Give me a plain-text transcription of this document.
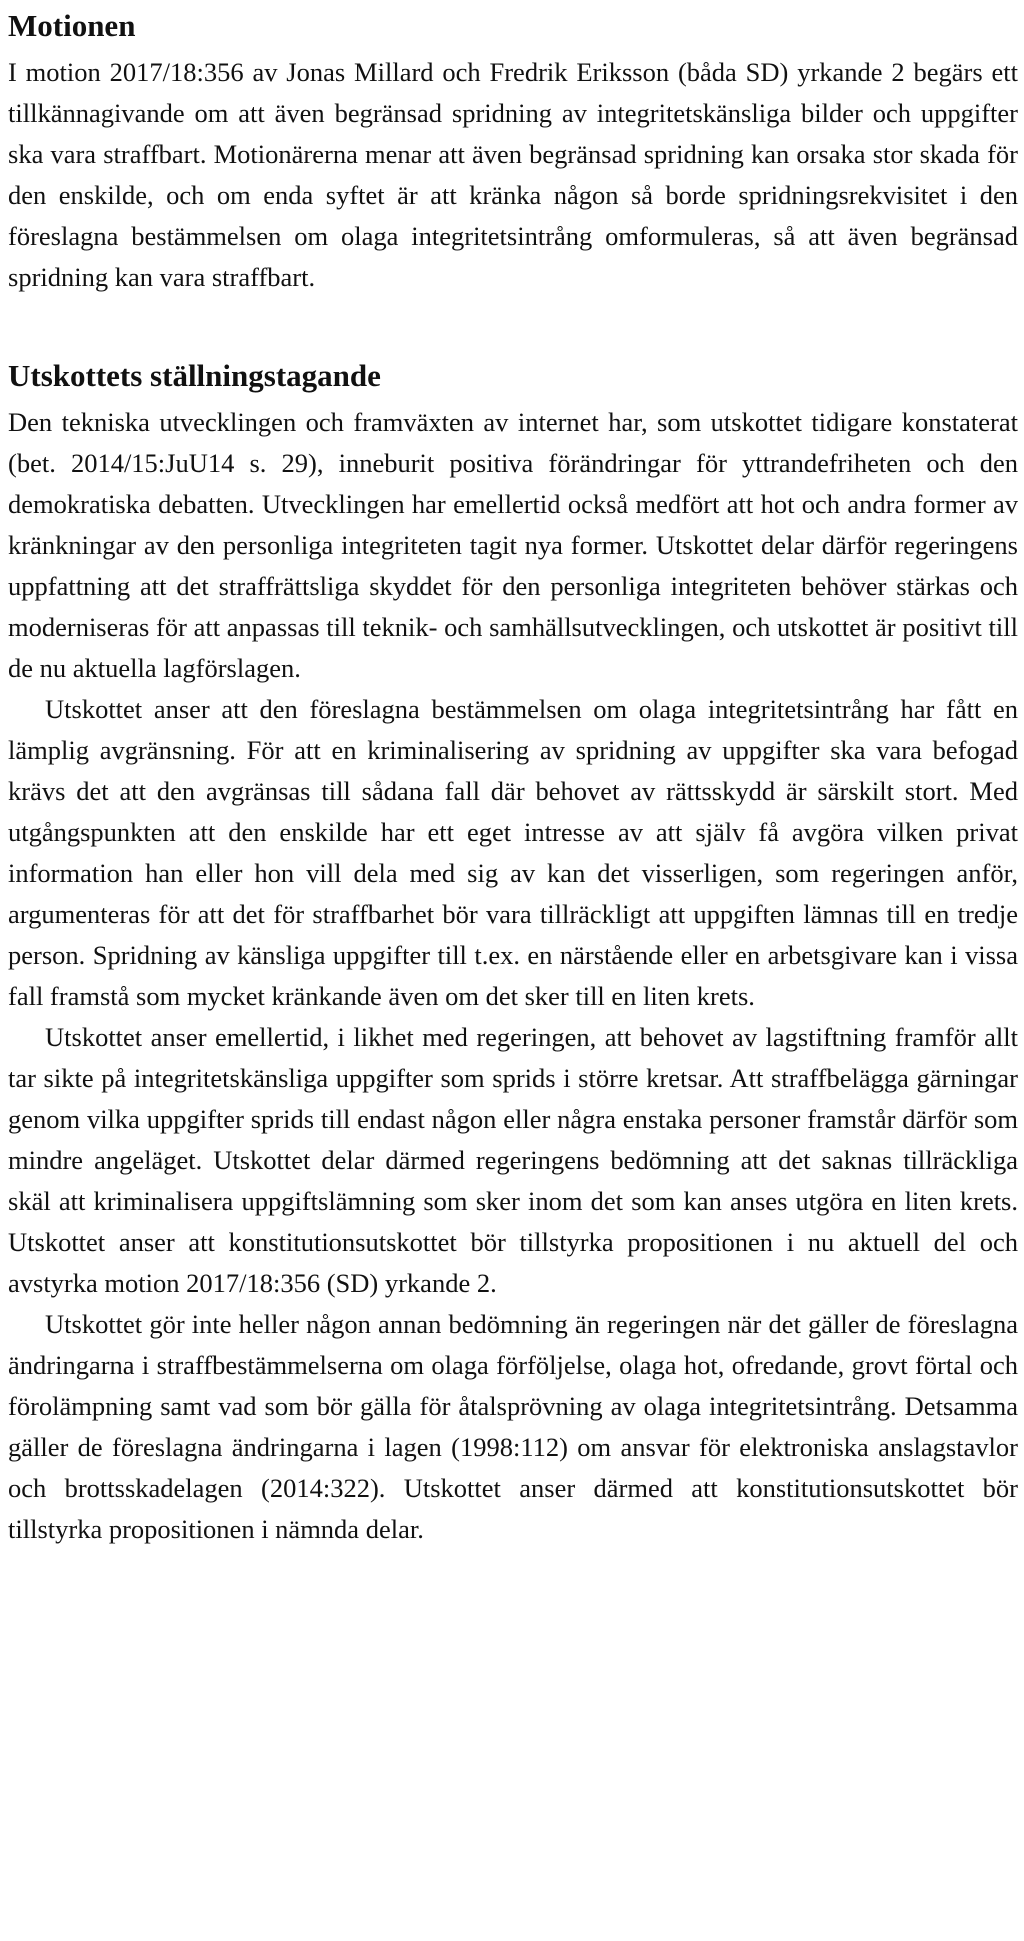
Motionen

I motion 2017/18:356 av Jonas Millard och Fredrik Eriksson (båda SD) yrkande 2 begärs ett tillkännagivande om att även begränsad spridning av integritetskänsliga bilder och uppgifter ska vara straffbart. Motionärerna menar att även begränsad spridning kan orsaka stor skada för den enskilde, och om enda syftet är att kränka någon så borde spridningsrekvisitet i den föreslagna bestämmelsen om olaga integritetsintrång omformuleras, så att även begränsad spridning kan vara straffbart.

Utskottets ställningstagande

Den tekniska utvecklingen och framväxten av internet har, som utskottet tidigare konstaterat (bet. 2014/15:JuU14 s. 29), inneburit positiva förändringar för yttrandefriheten och den demokratiska debatten. Utvecklingen har emellertid också medfört att hot och andra former av kränkningar av den personliga integriteten tagit nya former. Utskottet delar därför regeringens uppfattning att det straffrättsliga skyddet för den personliga integriteten behöver stärkas och moderniseras för att anpassas till teknik- och samhällsutvecklingen, och utskottet är positivt till de nu aktuella lagförslagen.

Utskottet anser att den föreslagna bestämmelsen om olaga integritetsintrång har fått en lämplig avgränsning. För att en kriminalisering av spridning av uppgifter ska vara befogad krävs det att den avgränsas till sådana fall där behovet av rättsskydd är särskilt stort. Med utgångspunkten att den enskilde har ett eget intresse av att själv få avgöra vilken privat information han eller hon vill dela med sig av kan det visserligen, som regeringen anför, argumenteras för att det för straffbarhet bör vara tillräckligt att uppgiften lämnas till en tredje person. Spridning av känsliga uppgifter till t.ex. en närstående eller en arbetsgivare kan i vissa fall framstå som mycket kränkande även om det sker till en liten krets.

Utskottet anser emellertid, i likhet med regeringen, att behovet av lagstiftning framför allt tar sikte på integritetskänsliga uppgifter som sprids i större kretsar. Att straffbelägga gärningar genom vilka uppgifter sprids till endast någon eller några enstaka personer framstår därför som mindre angeläget. Utskottet delar därmed regeringens bedömning att det saknas tillräckliga skäl att kriminalisera uppgiftslämning som sker inom det som kan anses utgöra en liten krets. Utskottet anser att konstitutionsutskottet bör tillstyrka propositionen i nu aktuell del och avstyrka motion 2017/18:356 (SD) yrkande 2.

Utskottet gör inte heller någon annan bedömning än regeringen när det gäller de föreslagna ändringarna i straffbestämmelserna om olaga förföljelse, olaga hot, ofredande, grovt förtal och förolämpning samt vad som bör gälla för åtalsprövning av olaga integritetsintrång. Detsamma gäller de föreslagna ändringarna i lagen (1998:112) om ansvar för elektroniska anslagstavlor och brottsskadelagen (2014:322). Utskottet anser därmed att konstitutionsutskottet bör tillstyrka propositionen i nämnda delar.
